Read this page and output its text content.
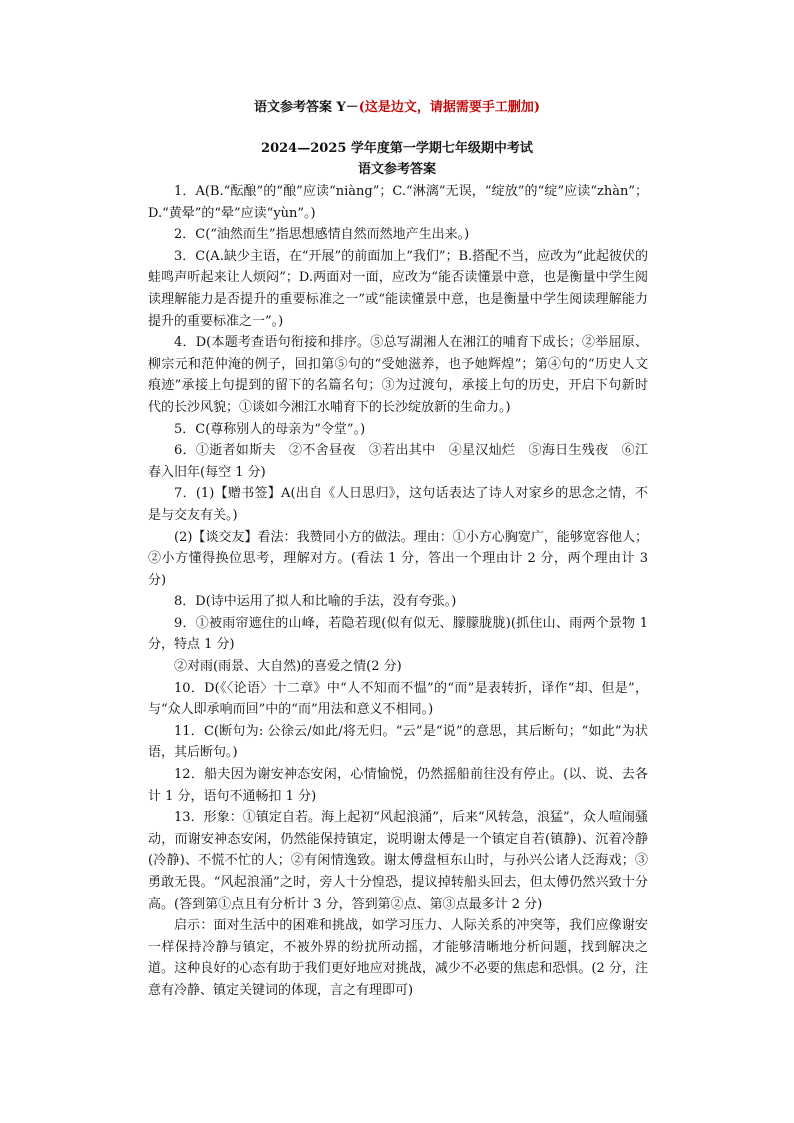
语文参考答案 Y－(这是边文，请据需要手工删加)
2024—2025 学年度第一学期七年级期中考试
语文参考答案

1．A(B.“酝酿”的“酿”应读“niàng”；C.“淋漓”无误，“绽放”的“绽”应读“zhàn”；D.“黄晕”的“晕”应读“yùn”。)

2．C(“油然而生”指思想感情自然而然地产生出来。)

3．C(A.缺少主语，在“开展”的前面加上“我们”；B.搭配不当，应改为“此起彼伏的蛙鸣声听起来让人烦闷”；D.两面对一面，应改为“能否读懂景中意，也是衡量中学生阅读理解能力是否提升的重要标准之一”或“能读懂景中意，也是衡量中学生阅读理解能力提升的重要标准之一”。)

4．D(本题考查语句衔接和排序。⑤总写湖湘人在湘江的哺育下成长；②举屈原、柳宗元和范仲淹的例子，回扣第⑤句的“受她滋养，也予她辉煌”；第④句的“历史人文痕迹”承接上句提到的留下的名篇名句；③为过渡句，承接上句的历史，开启下句新时代的长沙风貌；①谈如今湘江水哺育下的长沙绽放新的生命力。)

5．C(尊称别人的母亲为“令堂”。)

6．①逝者如斯夫　②不舍昼夜　③若出其中　④星汉灿烂　⑤海日生残夜　⑥江春入旧年(每空 1 分)

7．(1)【赠书签】A(出自《人日思归》，这句话表达了诗人对家乡的思念之情，不是与交友有关。)

(2)【谈交友】看法：我赞同小方的做法。理由：①小方心胸宽广，能够宽容他人；②小方懂得换位思考，理解对方。(看法 1 分，答出一个理由计 2 分，两个理由计 3 分)

8．D(诗中运用了拟人和比喻的手法，没有夸张。)

9．①被雨帘遮住的山峰，若隐若现(似有似无、朦朦胧胧)(抓住山、雨两个景物 1 分，特点 1 分)

②对雨(雨景、大自然)的喜爱之情(2 分)

10．D(《〈论语〉十二章》中“人不知而不愠”的“而”是表转折，译作“却、但是”，与“众人即承响而回”中的“而”用法和意义不相同。)

11．C(断句为: 公徐云/如此/将无归。“云”是“说”的意思，其后断句；“如此”为状语，其后断句。)

12．船夫因为谢安神态安闲，心情愉悦，仍然摇船前往没有停止。(以、说、去各计 1 分，语句不通畅扣 1 分)

13．形象：①镇定自若。海上起初“风起浪涌”，后来“风转急，浪猛”，众人喧闹骚动，而谢安神态安闲，仍然能保持镇定，说明谢太傅是一个镇定自若(镇静)、沉着冷静(冷静)、不慌不忙的人；②有闲情逸致。谢太傅盘桓东山时，与孙兴公诸人泛海戏；③勇敢无畏。“风起浪涌”之时，旁人十分惶恐，提议掉转船头回去，但太傅仍然兴致十分高。(答到第①点且有分析计 3 分，答到第②点、第③点最多计 2 分)

启示：面对生活中的困难和挑战，如学习压力、人际关系的冲突等，我们应像谢安一样保持冷静与镇定，不被外界的纷扰所动摇，才能够清晰地分析问题，找到解决之道。这种良好的心态有助于我们更好地应对挑战，减少不必要的焦虑和恐惧。(2 分，注意有冷静、镇定关键词的体现，言之有理即可)
